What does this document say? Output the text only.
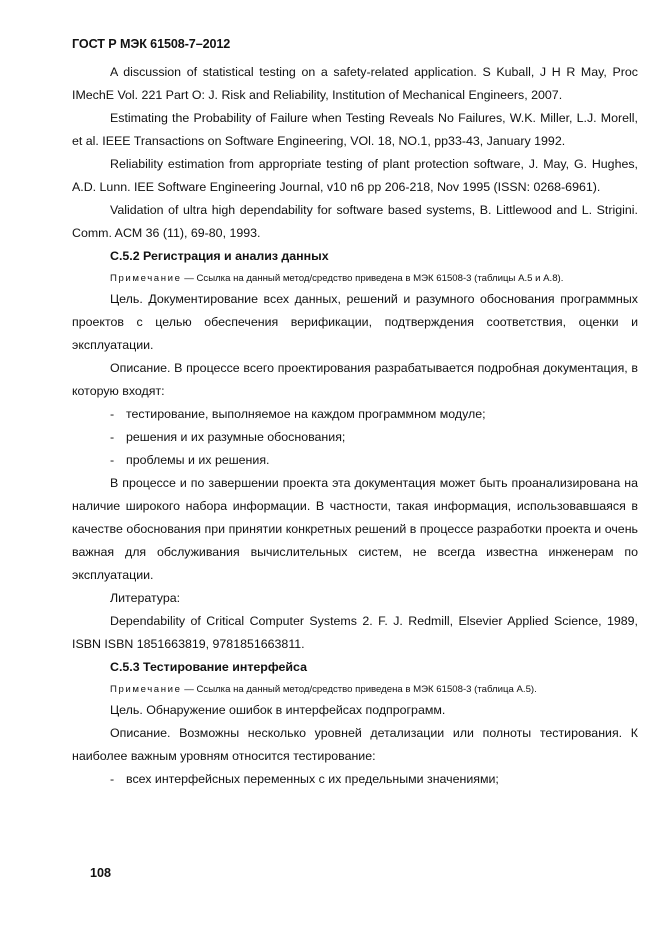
ГОСТ Р МЭК 61508-7–2012

A discussion of statistical testing on a safety-related application. S Kuball, J H R May, Proc IMechE Vol. 221 Part O: J. Risk and Reliability, Institution of Mechanical Engineers, 2007.

Estimating the Probability of Failure when Testing Reveals No Failures, W.K. Miller, L.J. Morell, et al. IEEE Transactions on Software Engineering, VOl. 18, NO.1, pp33-43, January 1992.

Reliability estimation from appropriate testing of plant protection software, J. May, G. Hughes, A.D. Lunn. IEE Software Engineering Journal, v10 n6 pp 206-218, Nov 1995 (ISSN: 0268-6961).

Validation of ultra high dependability for software based systems, B. Littlewood and L. Strigini. Comm. ACM 36 (11), 69-80, 1993.

С.5.2 Регистрация и анализ данных

Примечание — Ссылка на данный метод/средство приведена в МЭК 61508-3 (таблицы А.5 и А.8).

Цель. Документирование всех данных, решений и разумного обоснования программных проектов с целью обеспечения верификации, подтверждения соответствия, оценки и эксплуатации.

Описание. В процессе всего проектирования разрабатывается подробная документация, в которую входят:

- тестирование, выполняемое на каждом программном модуле;

- решения и их разумные обоснования;

- проблемы и их решения.

В процессе и по завершении проекта эта документация может быть проанализирована на наличие широкого набора информации. В частности, такая информация, использовавшаяся в качестве обоснования при принятии конкретных решений в процессе разработки проекта и очень важная для обслуживания вычислительных систем, не всегда известна инженерам по эксплуатации.

Литература:

Dependability of Critical Computer Systems 2. F. J. Redmill, Elsevier Applied Science, 1989, ISBN ISBN 1851663819, 9781851663811.

С.5.3 Тестирование интерфейса

Примечание — Ссылка на данный метод/средство приведена в МЭК 61508-3 (таблица А.5).

Цель. Обнаружение ошибок в интерфейсах подпрограмм.

Описание. Возможны несколько уровней детализации или полноты тестирования. К наиболее важным уровням относится тестирование:

- всех интерфейсных переменных с их предельными значениями;

108
